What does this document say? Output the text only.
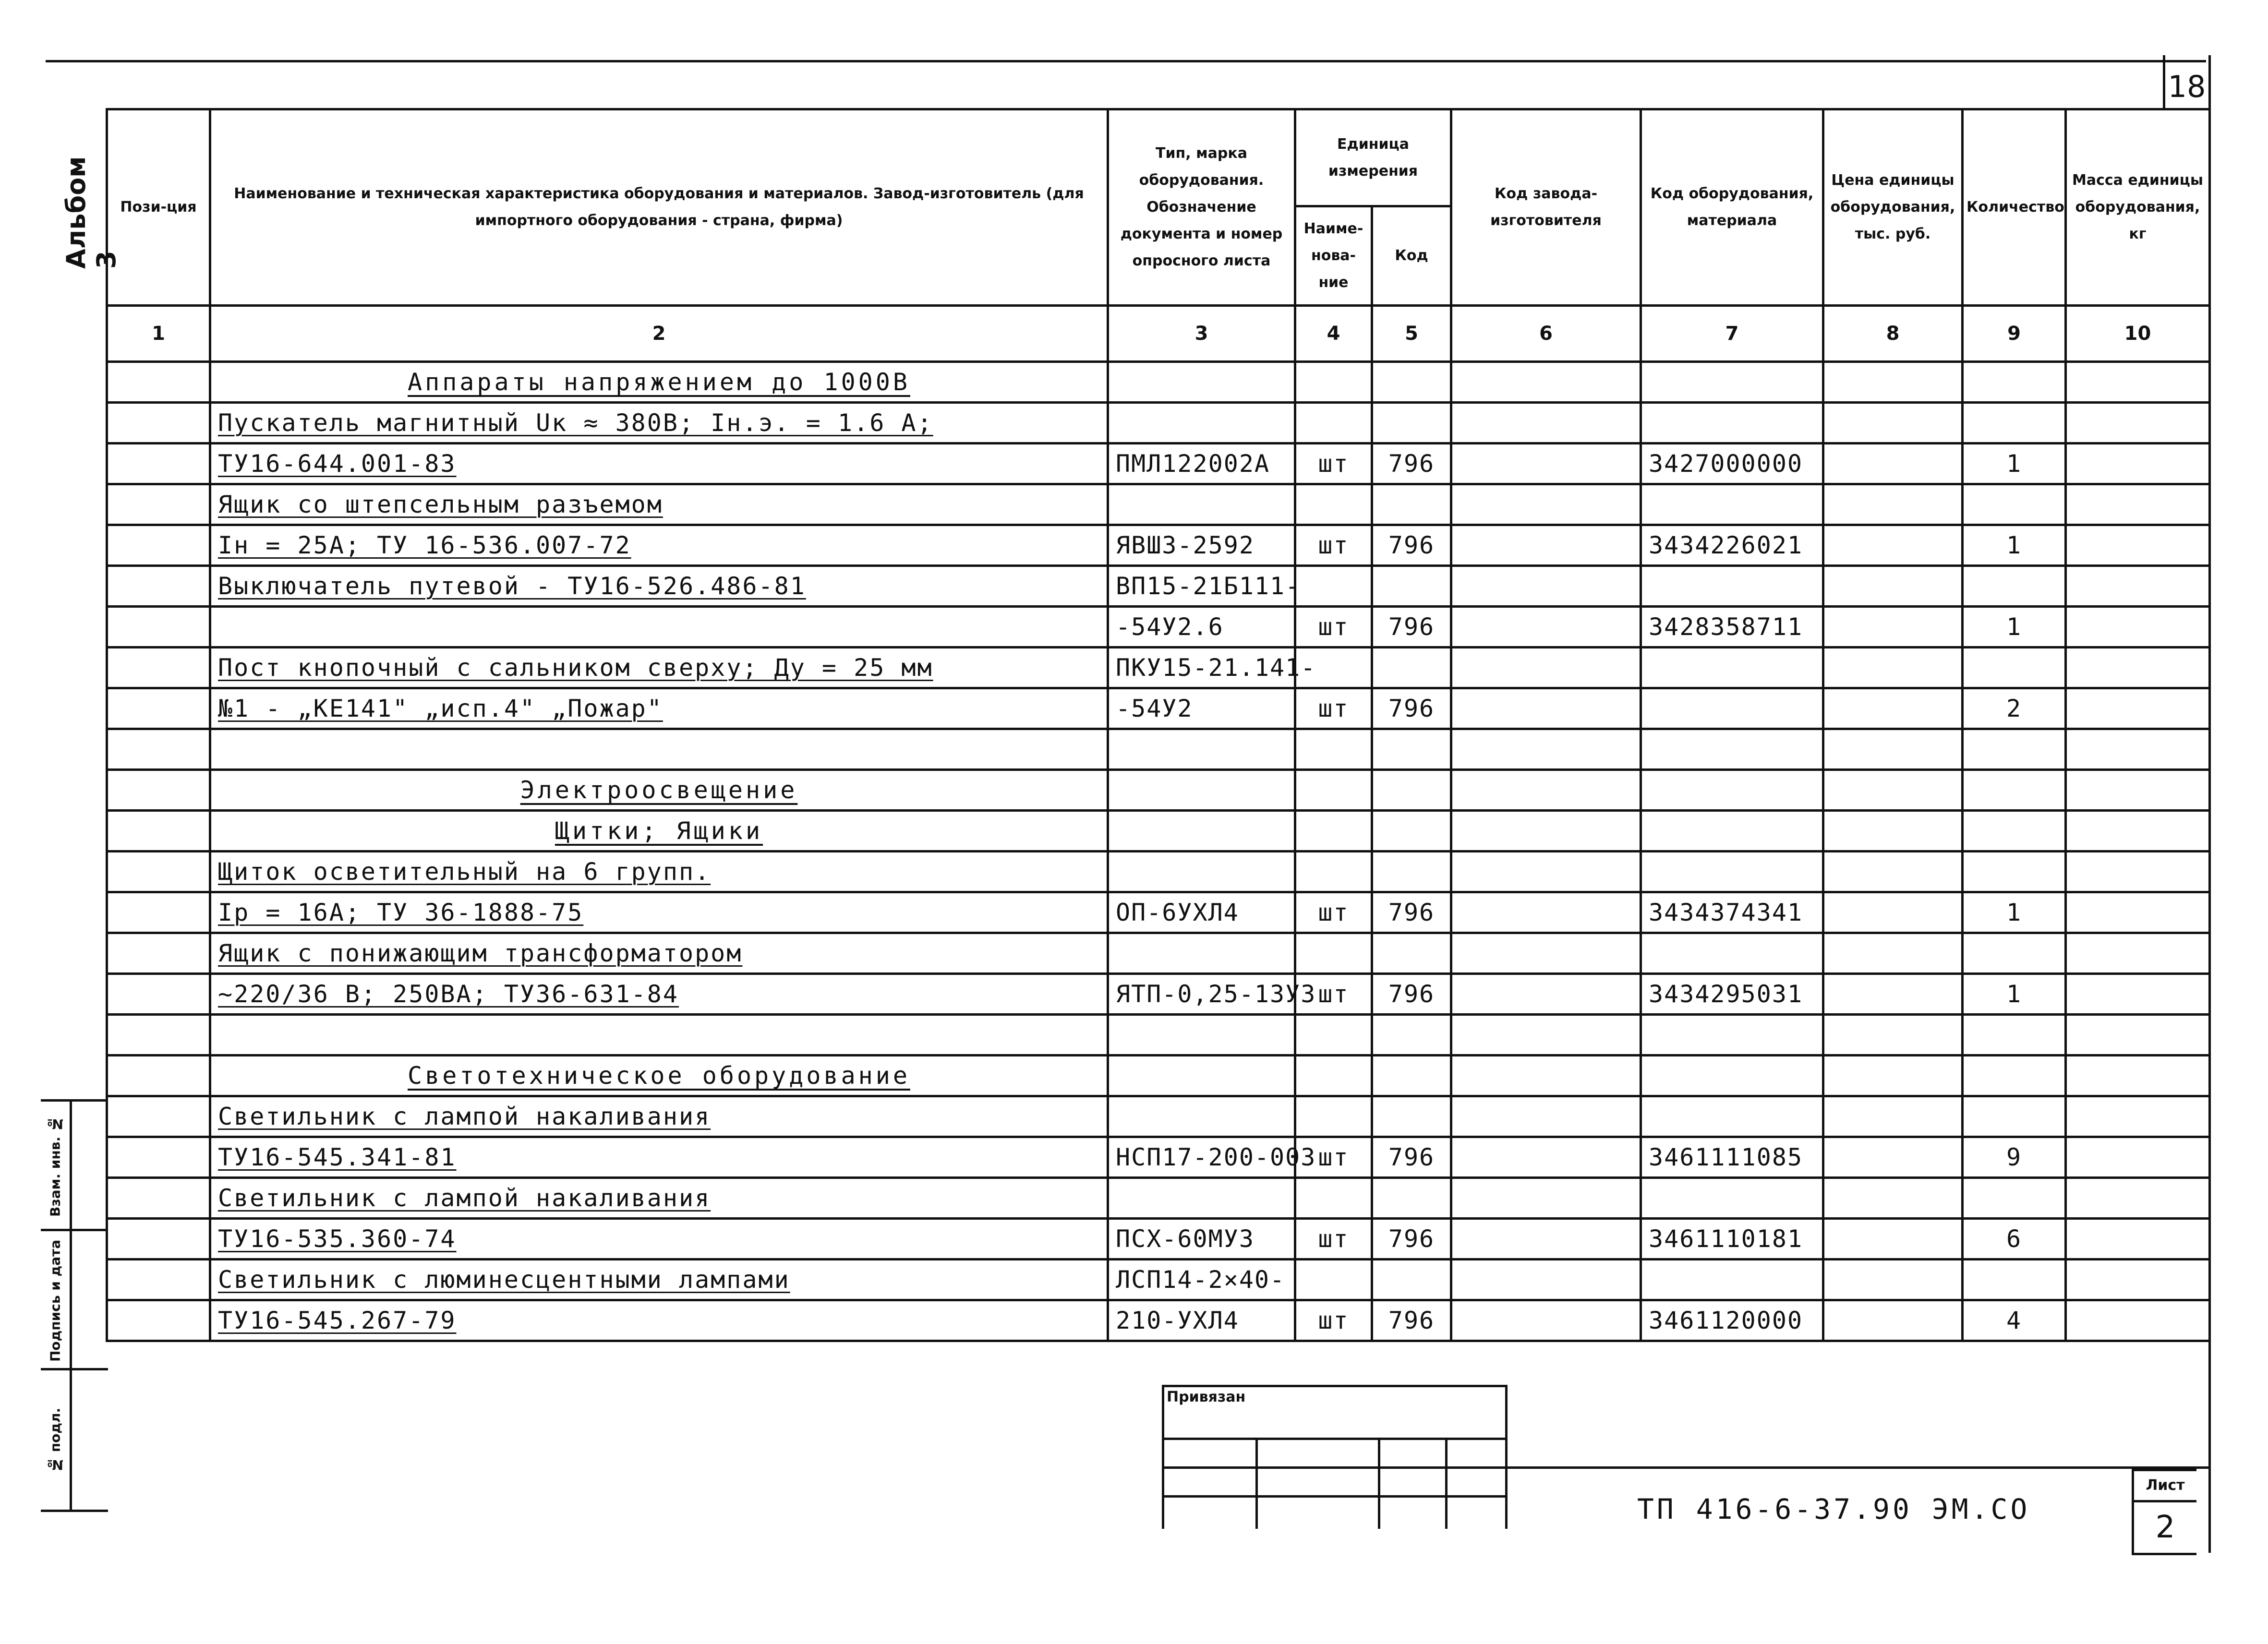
18
Альбом 3
Пози-ция	Наименование и техническая характеристика оборудования и материалов. Завод-изготовитель (для импортного оборудования - страна, фирма)	Тип, марка оборудования. Обозначение документа и номер опросного листа	Единица измерения		Код завода-изготовителя	Код оборудования, материала	Цена единицы оборудования, тыс. руб.	Количество	Масса единицы оборудования, кг
			Наиме-нова-ние	Код					
1	2	3	4	5	6	7	8	9	10
	Аппараты напряжением до 1000В								
	Пускатель магнитный Uк ≈ 380В; Iн.э. = 1.6 А;								
	ТУ16-644.001-83	ПМЛ122002А	шт	796		3427000000		1	
	Ящик со штепсельным разъемом								
	Iн = 25А; ТУ 16-536.007-72	ЯВШ3-2592	шт	796		3434226021		1	
	Выключатель путевой - ТУ16-526.486-81	ВП15-21Б111-							
		-54У2.6	шт	796		3428358711		1	
	Пост кнопочный с сальником сверху; Ду = 25 мм	ПКУ15-21.141-							
	№1 - „КЕ141" „исп.4" „Пожар"	-54У2	шт	796				2	

	Электроосвещение								
	Щитки; Ящики								
	Щиток осветительный на 6 групп.								
	Iр = 16А; ТУ 36-1888-75	ОП-6УХЛ4	шт	796		3434374341		1	
	Ящик с понижающим трансформатором								
	~220/36 В; 250ВА; ТУ36-631-84	ЯТП-0,25-13У3	шт	796		3434295031		1	

	Светотехническое оборудование								
	Светильник с лампой накаливания								
	ТУ16-545.341-81	НСП17-200-003	шт	796		3461111085		9	
	Светильник с лампой накаливания								
	ТУ16-535.360-74	ПСХ-60МУ3	шт	796		3461110181		6	
	Светильник с люминесцентными лампами	ЛСП14-2×40-							
	ТУ16-545.267-79	210-УХЛ4	шт	796		3461120000		4	
Взам. инв. №
Подпись и дата
№ подл.
Привязан
ТП 416-6-37.90 ЭМ.СО
Лист
2
